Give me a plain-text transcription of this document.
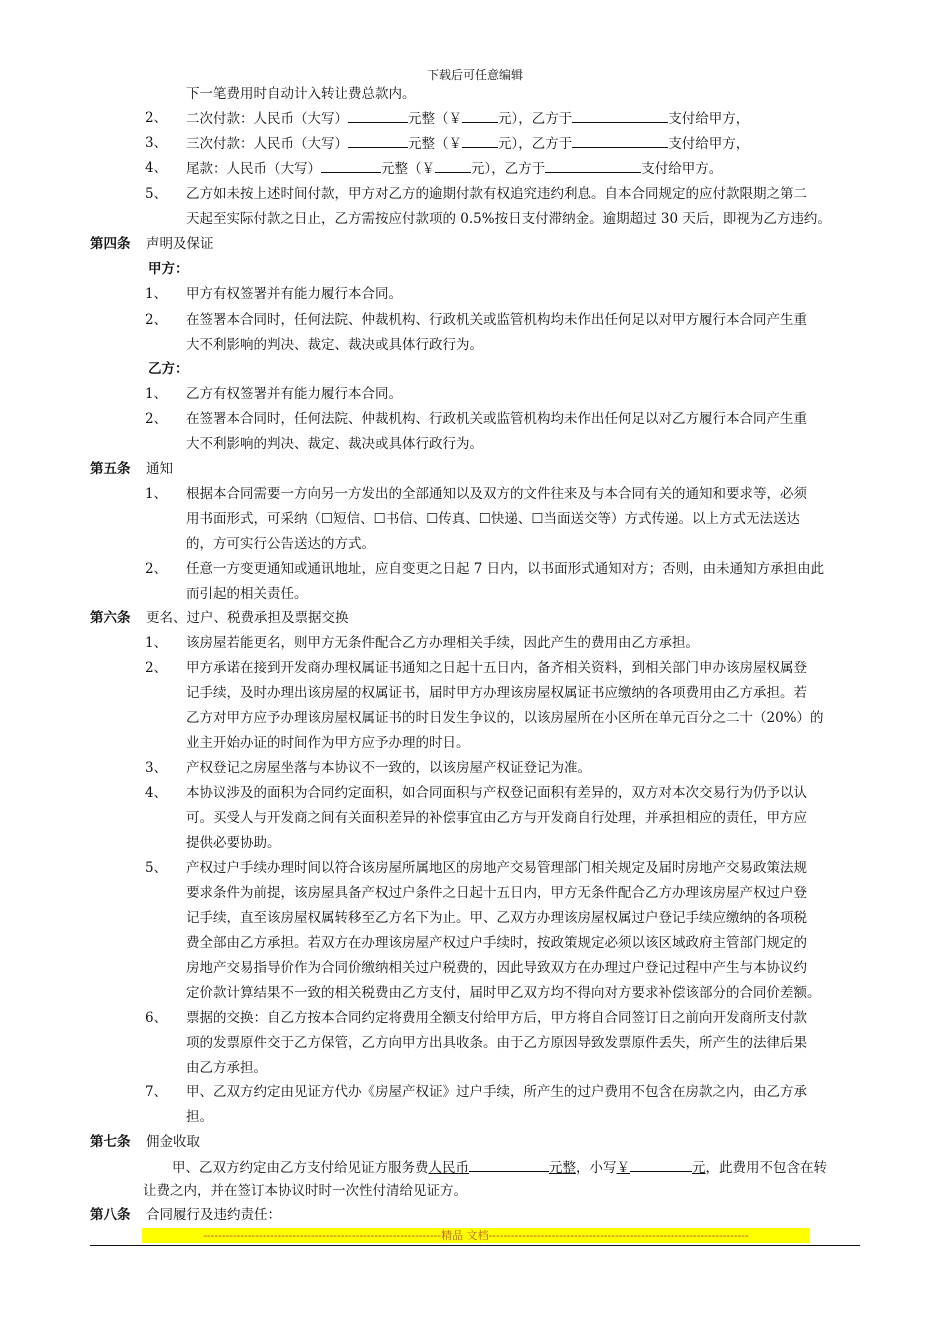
下载后可任意编辑
下一笔费用时自动计入转让费总款内。
2、 二次付款：人民币（大写）	元整（￥	元），乙方于	支付给甲方，
3、 三次付款：人民币（大写）	元整（￥	元），乙方于	支付给甲方，
4、 尾款：人民币（大写）	元整（￥	元），乙方于	支付给甲方。
5、 乙方如未按上述时间付款，甲方对乙方的逾期付款有权追究违约利息。自本合同规定的应付款限期之第二
天起至实际付款之日止，乙方需按应付款项的 0.5%按日支付滞纳金。逾期超过 30 天后，即视为乙方违约。
第四条 声明及保证
甲方：
1、 甲方有权签署并有能力履行本合同。
2、 在签署本合同时，任何法院、仲裁机构、行政机关或监管机构均未作出任何足以对甲方履行本合同产生重
大不利影响的判决、裁定、裁决或具体行政行为。
乙方：
1、 乙方有权签署并有能力履行本合同。
2、 在签署本合同时，任何法院、仲裁机构、行政机关或监管机构均未作出任何足以对乙方履行本合同产生重
大不利影响的判决、裁定、裁决或具体行政行为。
第五条 通知
1、 根据本合同需要一方向另一方发出的全部通知以及双方的文件往来及与本合同有关的通知和要求等，必须
用书面形式，可采纳（☐短信、☐书信、☐传真、☐快递、☐当面送交等）方式传递。以上方式无法送达
的，方可实行公告送达的方式。
2、 任意一方变更通知或通讯地址，应自变更之日起 7 日内，以书面形式通知对方；否则，由未通知方承担由此
而引起的相关责任。
第六条 更名、过户、税费承担及票据交换
1、 该房屋若能更名，则甲方无条件配合乙方办理相关手续，因此产生的费用由乙方承担。
2、 甲方承诺在接到开发商办理权属证书通知之日起十五日内，备齐相关资料，到相关部门申办该房屋权属登
记手续，及时办理出该房屋的权属证书，届时甲方办理该房屋权属证书应缴纳的各项费用由乙方承担。若
乙方对甲方应予办理该房屋权属证书的时日发生争议的，以该房屋所在小区所在单元百分之二十（20%）的
业主开始办证的时间作为甲方应予办理的时日。
3、 产权登记之房屋坐落与本协议不一致的，以该房屋产权证登记为准。
4、 本协议涉及的面积为合同约定面积，如合同面积与产权登记面积有差异的，双方对本次交易行为仍予以认
可。买受人与开发商之间有关面积差异的补偿事宜由乙方与开发商自行处理，并承担相应的责任，甲方应
提供必要协助。
5、 产权过户手续办理时间以符合该房屋所属地区的房地产交易管理部门相关规定及届时房地产交易政策法规
要求条件为前提，该房屋具备产权过户条件之日起十五日内，甲方无条件配合乙方办理该房屋产权过户登
记手续，直至该房屋权属转移至乙方名下为止。甲、乙双方办理该房屋权属过户登记手续应缴纳的各项税
费全部由乙方承担。若双方在办理该房屋产权过户手续时，按政策规定必须以该区域政府主管部门规定的
房地产交易指导价作为合同价缴纳相关过户税费的，因此导致双方在办理过户登记过程中产生与本协议约
定价款计算结果不一致的相关税费由乙方支付，届时甲乙双方均不得向对方要求补偿该部分的合同价差额。
6、 票据的交换：自乙方按本合同约定将费用全额支付给甲方后，甲方将自合同签订日之前向开发商所支付款
项的发票原件交于乙方保管，乙方向甲方出具收条。由于乙方原因导致发票原件丢失，所产生的法律后果
由乙方承担。
7、 甲、乙双方约定由见证方代办《房屋产权证》过户手续，所产生的过户费用不包含在房款之内，由乙方承
担。
第七条 佣金收取
甲、乙双方约定由乙方支付给见证方服务费人民币	元整，小写￥	元，此费用不包含在转
让费之内，并在签订本协议时时一次性付清给见证方。
第八条 合同履行及违约责任：
----------------------------------------------------------------精品 文档----------------------------------------------------------------------
